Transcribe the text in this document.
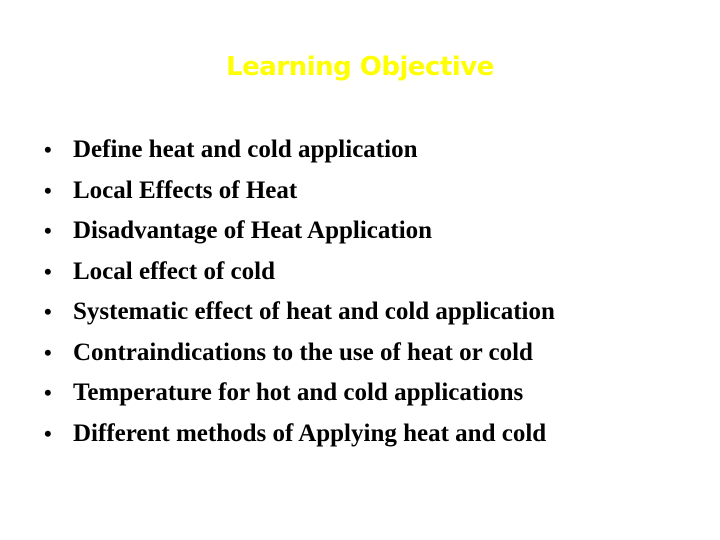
Learning Objective
• Define heat and cold application
• Local Effects of Heat
• Disadvantage of Heat Application
• Local effect of cold
• Systematic effect of heat and cold application
• Contraindications to the use of heat or cold
• Temperature for hot and cold applications
• Different methods of Applying heat and cold
